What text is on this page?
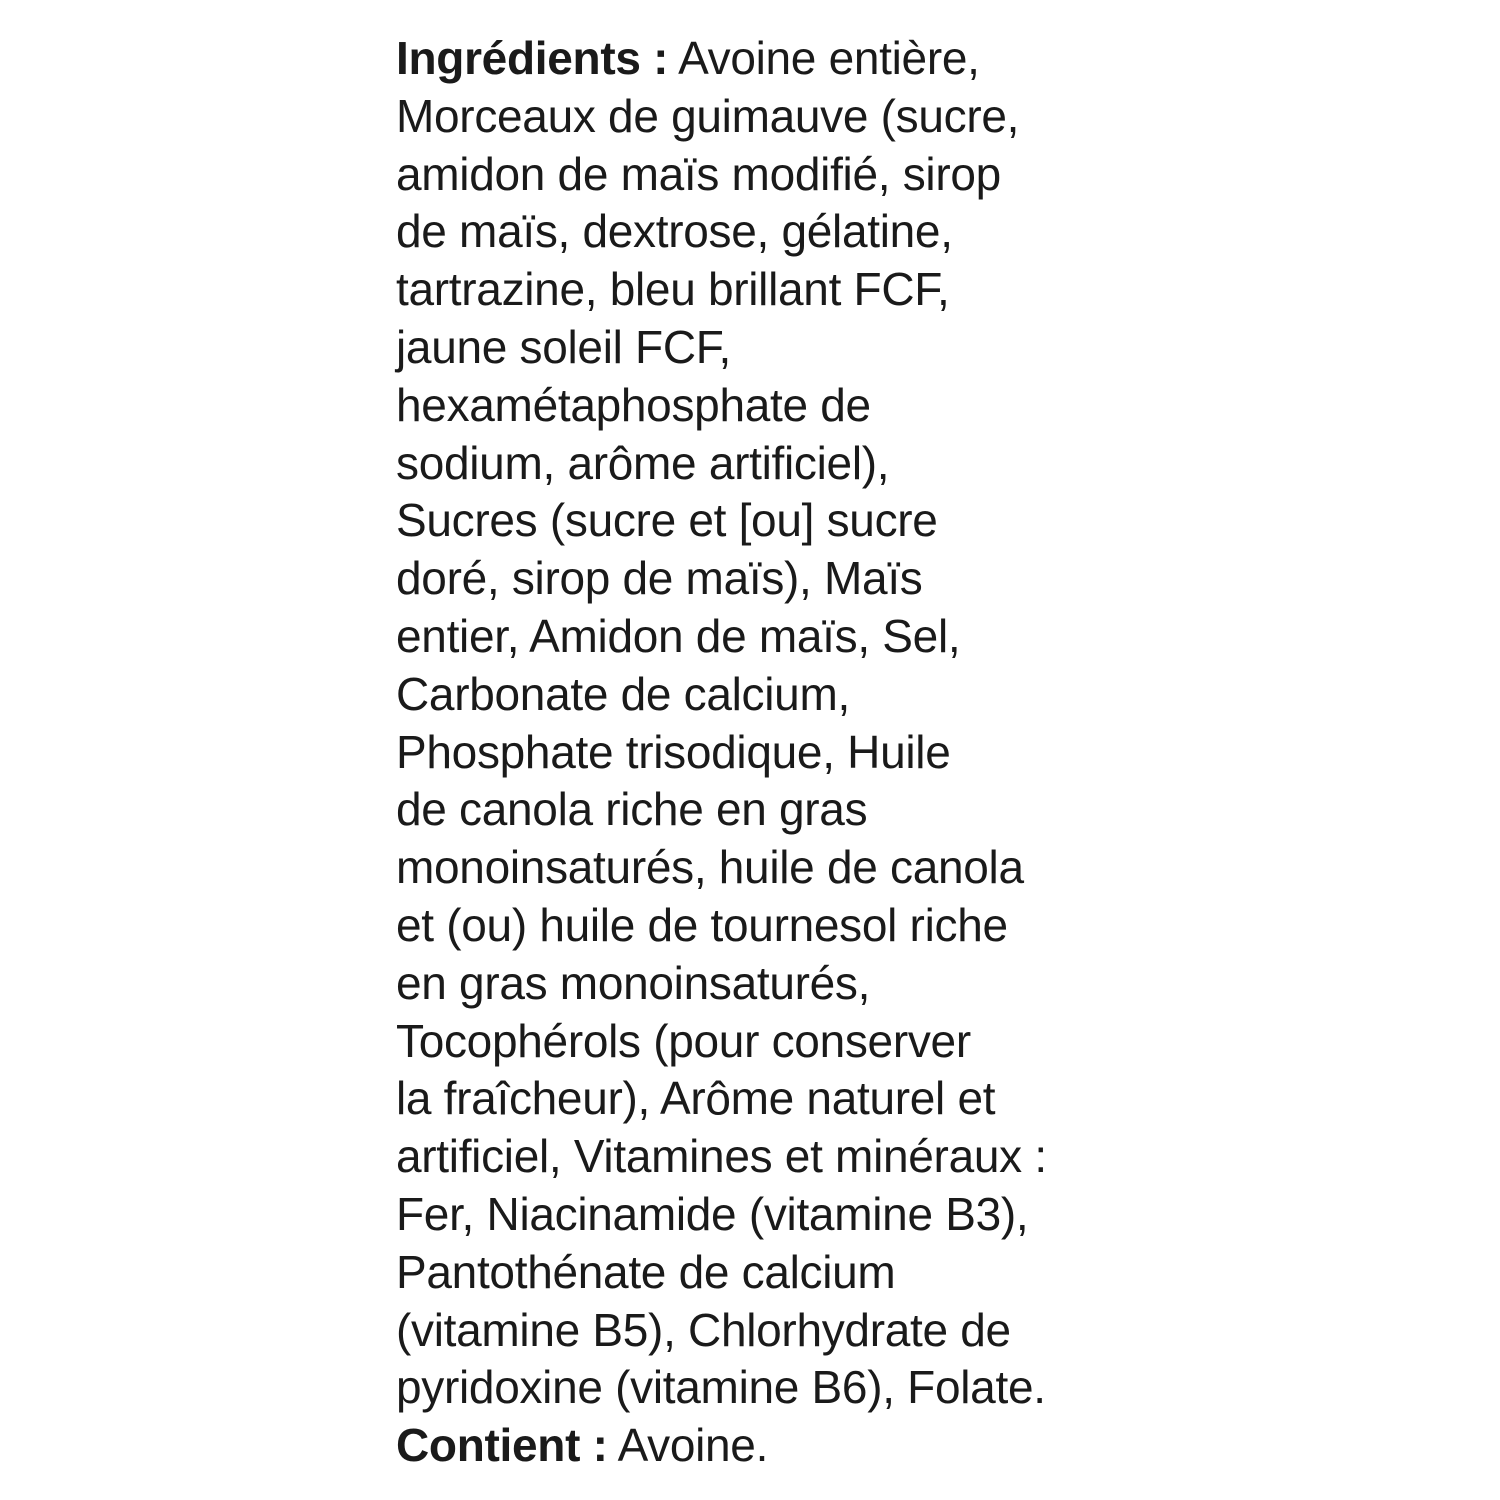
Ingrédients : Avoine entière,
Morceaux de guimauve (sucre,
amidon de maïs modifié, sirop
de maïs, dextrose, gélatine,
tartrazine, bleu brillant FCF,
jaune soleil FCF,
hexamétaphosphate de
sodium, arôme artificiel),
Sucres (sucre et [ou] sucre
doré, sirop de maïs), Maïs
entier, Amidon de maïs, Sel,
Carbonate de calcium,
Phosphate trisodique, Huile
de canola riche en gras
monoinsaturés, huile de canola
et (ou) huile de tournesol riche
en gras monoinsaturés,
Tocophérols (pour conserver
la fraîcheur), Arôme naturel et
artificiel, Vitamines et minéraux :
Fer, Niacinamide (vitamine B3),
Pantothénate de calcium
(vitamine B5), Chlorhydrate de
pyridoxine (vitamine B6), Folate.
Contient : Avoine.
